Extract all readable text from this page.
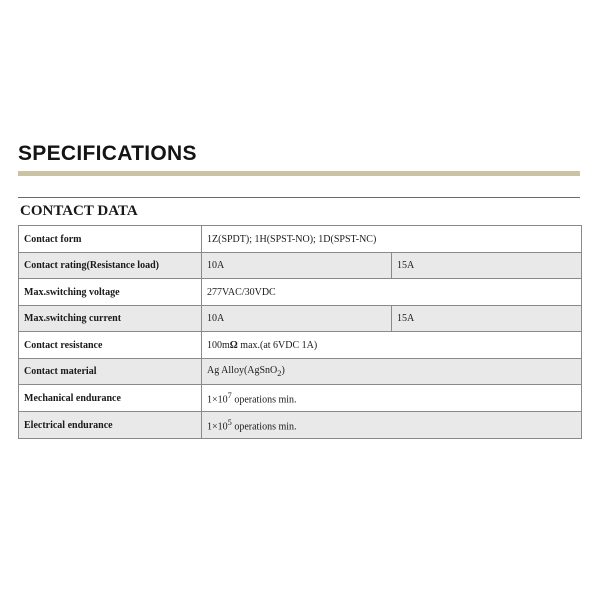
SPECIFICATIONS
CONTACT DATA
Contact form	1Z(SPDT); 1H(SPST-NO); 1D(SPST-NC)	
Contact rating(Resistance load)	10A	15A
Max.switching voltage	277VAC/30VDC	
Max.switching current	10A	15A
Contact resistance	100mΩ max.(at 6VDC 1A)	
Contact material	Ag Alloy(AgSnO$_2$)	
Mechanical endurance	$1\times 10^7$ operations min.	
Electrical endurance	$1\times 10^5$ operations min.	
